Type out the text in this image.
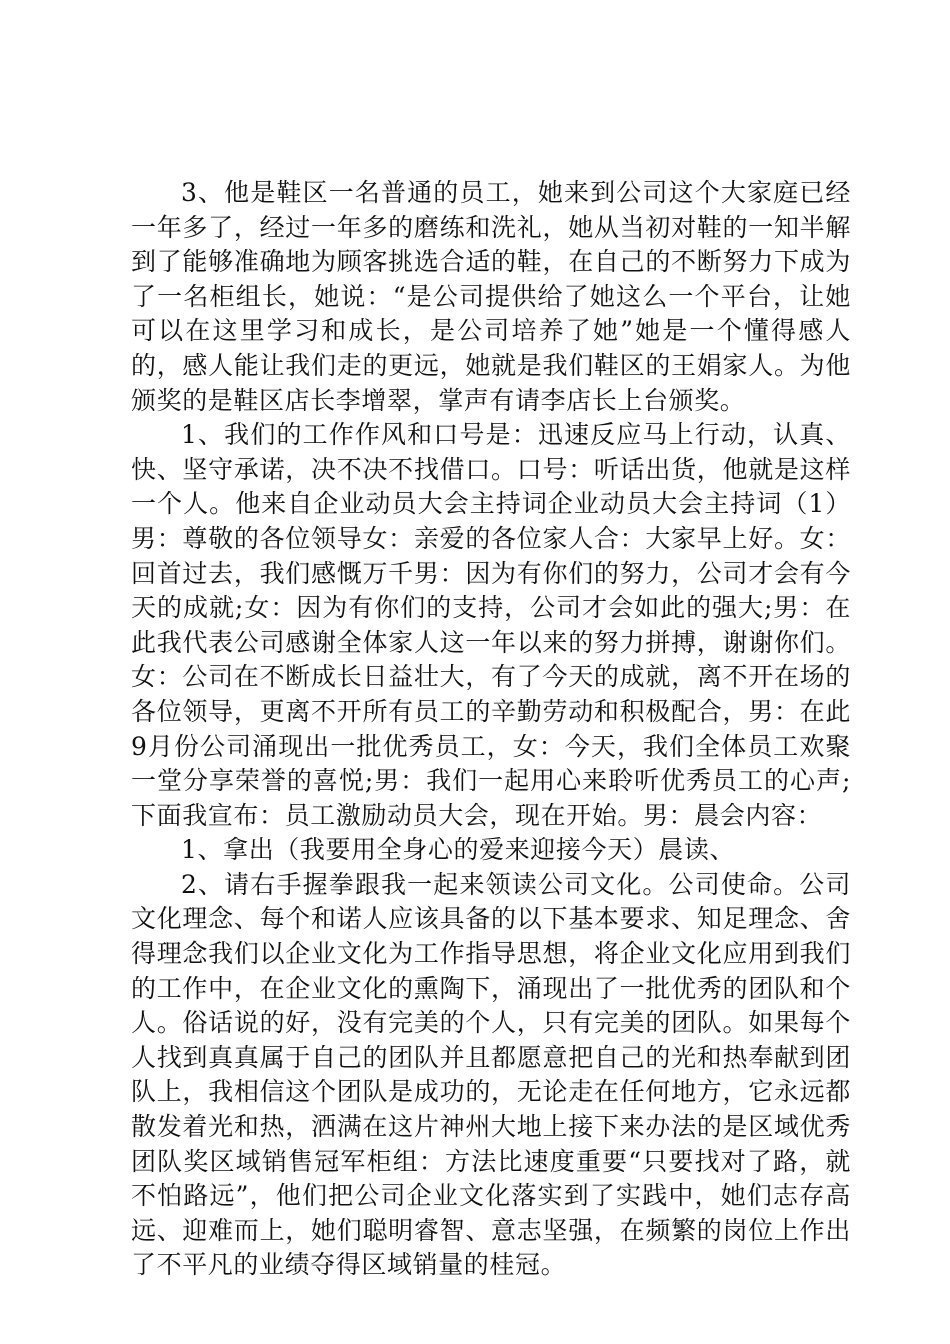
3、他是鞋区一名普通的员工，她来到公司这个大家庭已经一年多了，经过一年多的磨练和洗礼，她从当初对鞋的一知半解到了能够准确地为顾客挑选合适的鞋，在自己的不断努力下成为了一名柜组长，她说：“是公司提供给了她这么一个平台，让她可以在这里学习和成长，是公司培养了她”她是一个懂得感人的，感人能让我们走的更远，她就是我们鞋区的王娟家人。为他颁奖的是鞋区店长李增翠，掌声有请李店长上台颁奖。

1、我们的工作作风和口号是：迅速反应马上行动，认真、快、坚守承诺，决不决不找借口。口号：听话出货，他就是这样一个人。他来自企业动员大会主持词企业动员大会主持词（1）男：尊敬的各位领导女：亲爱的各位家人合：大家早上好。女：回首过去，我们感慨万千男：因为有你们的努力，公司才会有今天的成就;女：因为有你们的支持，公司才会如此的强大;男：在此我代表公司感谢全体家人这一年以来的努力拼搏，谢谢你们。女：公司在不断成长日益壮大，有了今天的成就，离不开在场的各位领导，更离不开所有员工的辛勤劳动和积极配合，男：在此9月份公司涌现出一批优秀员工，女：今天，我们全体员工欢聚一堂分享荣誉的喜悦;男：我们一起用心来聆听优秀员工的心声;下面我宣布：员工激励动员大会，现在开始。男：晨会内容：

1、拿出（我要用全身心的爱来迎接今天）晨读、

2、请右手握拳跟我一起来领读公司文化。公司使命。公司文化理念、每个和诺人应该具备的以下基本要求、知足理念、舍得理念我们以企业文化为工作指导思想，将企业文化应用到我们的工作中，在企业文化的熏陶下，涌现出了一批优秀的团队和个人。俗话说的好，没有完美的个人，只有完美的团队。如果每个人找到真真属于自己的团队并且都愿意把自己的光和热奉献到团队上，我相信这个团队是成功的，无论走在任何地方，它永远都散发着光和热，洒满在这片神州大地上接下来办法的是区域优秀团队奖区域销售冠军柜组：方法比速度重要“只要找对了路，就不怕路远”，他们把公司企业文化落实到了实践中，她们志存高远、迎难而上，她们聪明睿智、意志坚强，在频繁的岗位上作出了不平凡的业绩夺得区域销量的桂冠。
